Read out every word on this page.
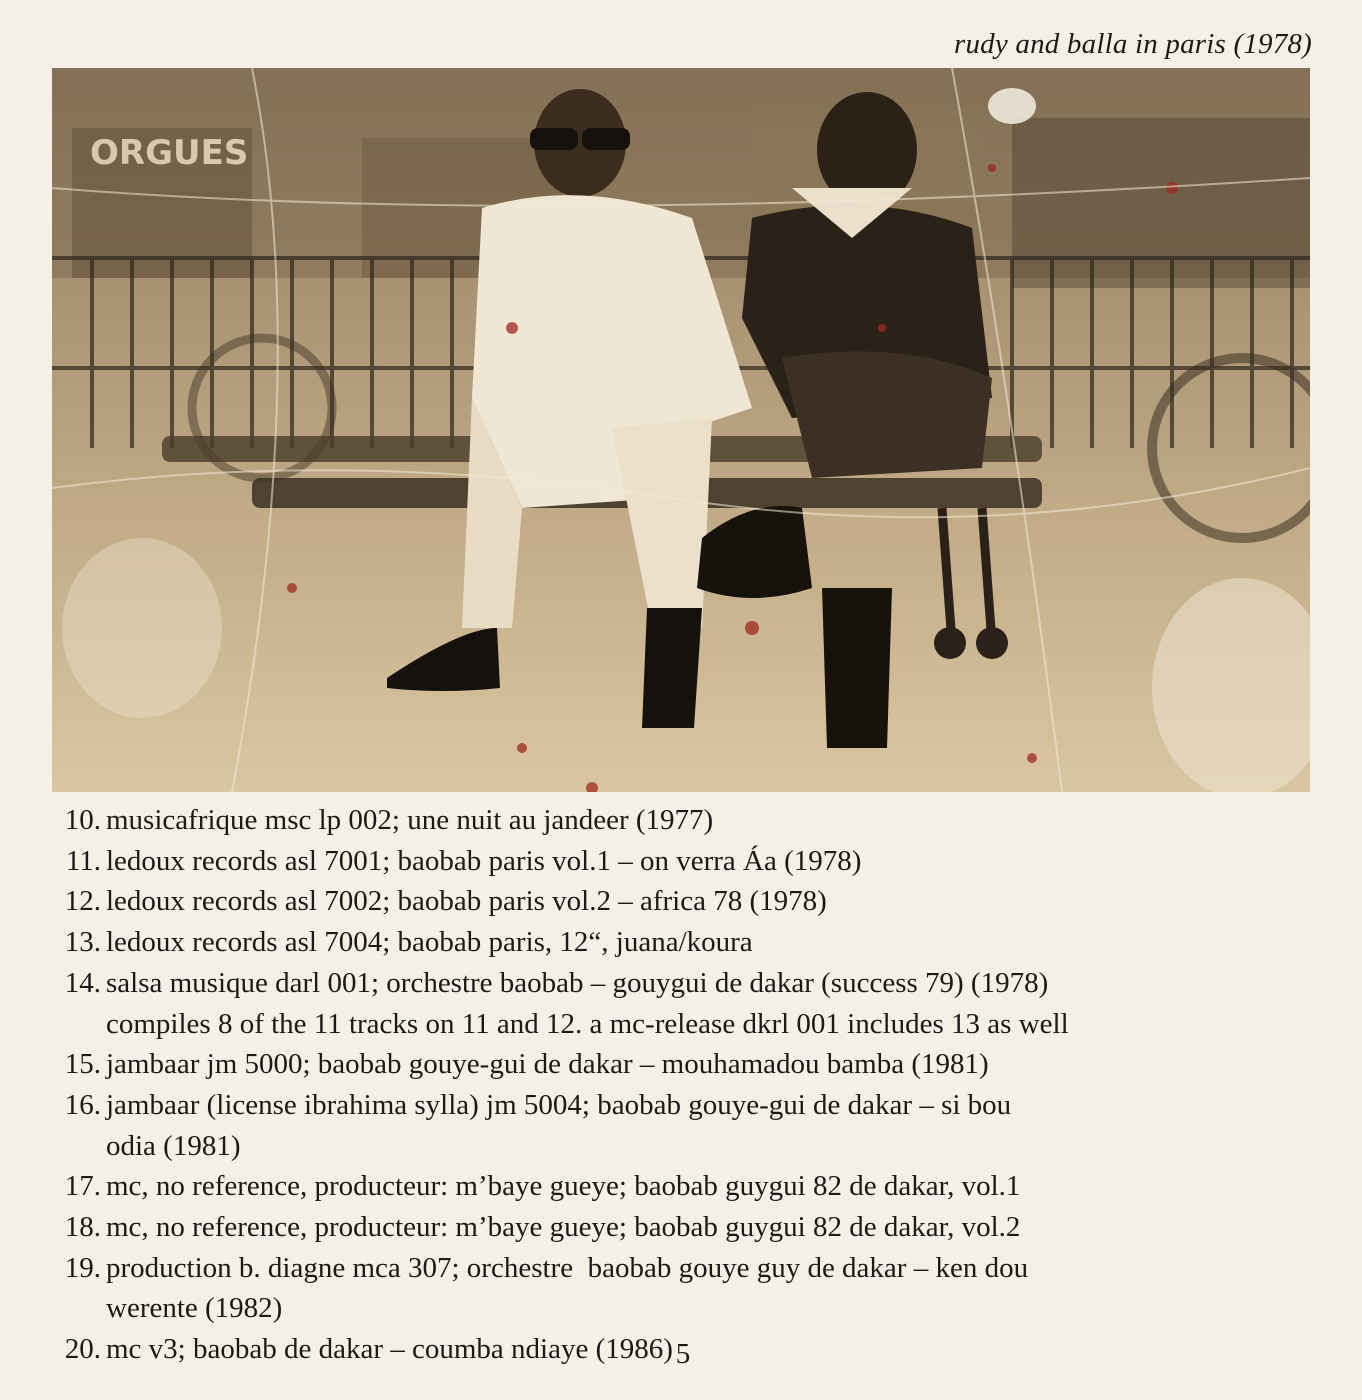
rudy and balla in paris (1978)
ORGUES
10. musicafrique msc lp 002; une nuit au jandeer (1977)
11. ledoux records asl 7001; baobab paris vol.1 – on verra Áa (1978)
12. ledoux records asl 7002; baobab paris vol.2 – africa 78 (1978)
13. ledoux records asl 7004; baobab paris, 12“, juana/koura
14. salsa musique darl 001; orchestre baobab – gouygui de dakar (success 79) (1978)
compiles 8 of the 11 tracks on 11 and 12. a mc-release dkrl 001 includes 13 as well
15. jambaar jm 5000; baobab gouye-gui de dakar – mouhamadou bamba (1981)
16. jambaar (license ibrahima sylla) jm 5004; baobab gouye-gui de dakar – si bou
odia (1981)
17. mc, no reference, producteur: m’baye gueye; baobab guygui 82 de dakar, vol.1
18. mc, no reference, producteur: m’baye gueye; baobab guygui 82 de dakar, vol.2
19. production b. diagne mca 307; orchestre  baobab gouye guy de dakar – ken dou
werente (1982)
20. mc v3; baobab de dakar – coumba ndiaye (1986) 5
